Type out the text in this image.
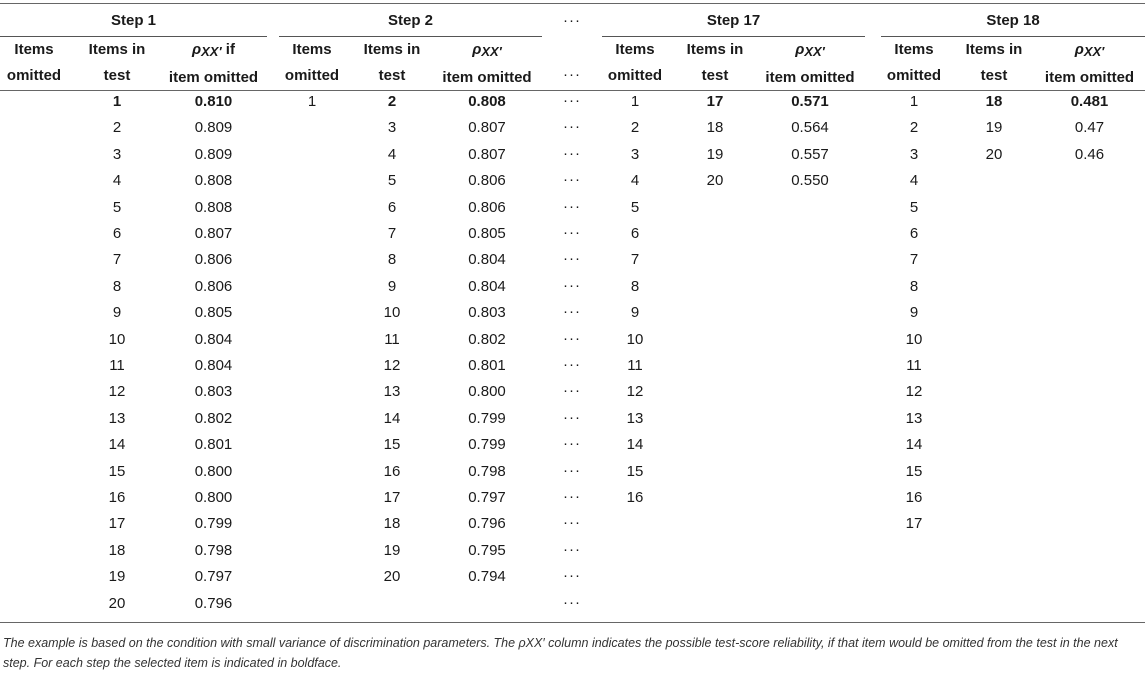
Step 1
Items
omitted
Items in
test
ρXX′ if
item omitted
1
2
3
4
5
6
7
8
9
10
11
12
13
14
15
16
17
18
19
20
0.810
0.809
0.809
0.808
0.808
0.807
0.806
0.806
0.805
0.804
0.804
0.803
0.802
0.801
0.800
0.800
0.799
0.798
0.797
0.796
Step 2
Items
omitted
Items in
test
ρXX′
item omitted
1	2
3
4
5
6
7
8
9
10
11
12
13
14
15
16
17
18
19
20
0.808
0.807
0.807
0.806
0.806
0.805
0.804
0.804
0.803
0.802
0.801
0.800
0.799
0.799
0.798
0.797
0.796
0.795
0.794
Step 17
Items
omitted
Items in
test
ρXX′
item omitted
1
2
3
4
5
6
7
8
9
10
11
12
13
14
15
16
17
18
19
20
0.571
0.564
0.557
0.550
Step 18
Items
omitted
Items in
test
ρXX′
item omitted
1
2
3
4
5
6
7
8
9
10
11
12
13
14
15
16
17
18
19
20
0.481
0.47
0.46
···
···
···
···
···
···
···
···
···
···
···
···
···
···
···
···
···
···
···
···
···
···
The example is based on the condition with small variance of discrimination parameters. The ρXX′ column indicates the possible test-score reliability, if that item would be omitted from the test in the next step. For each step the selected item is indicated in boldface.
